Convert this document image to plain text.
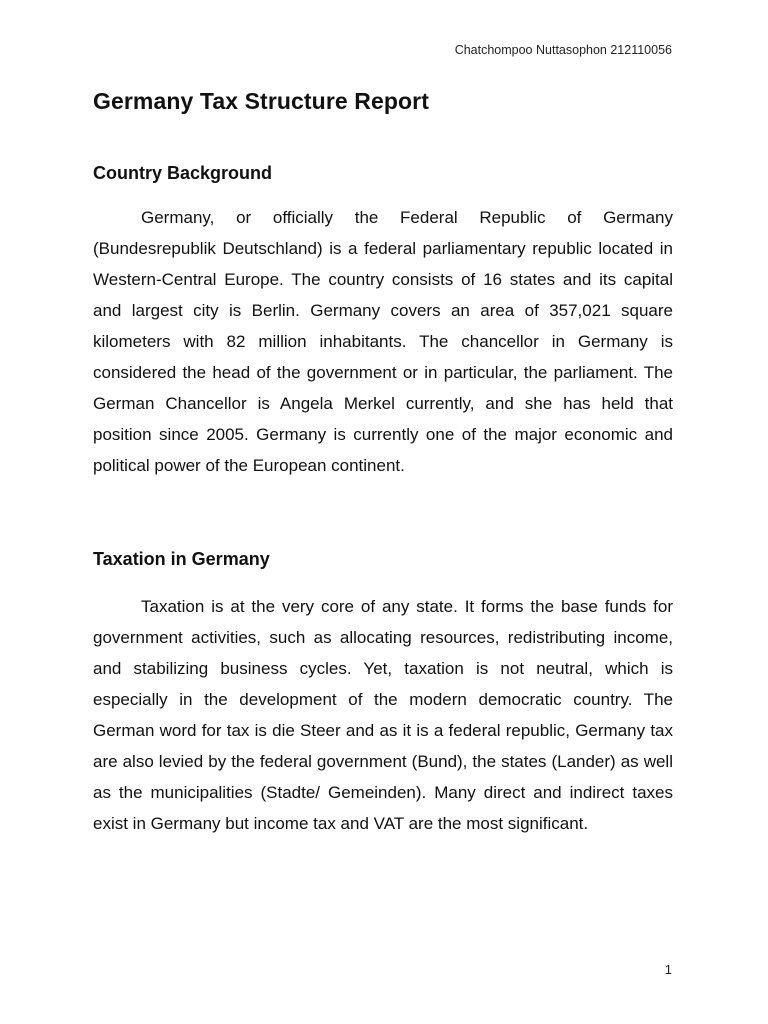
Chatchompoo Nuttasophon 212110056
Germany Tax Structure Report
Country Background

Germany, or officially the Federal Republic of Germany (Bundesrepublik Deutschland) is a federal parliamentary republic located in Western-Central Europe. The country consists of 16 states and its capital and largest city is Berlin. Germany covers an area of 357,021 square kilometers with 82 million inhabitants. The chancellor in Germany is considered the head of the government or in particular, the parliament. The German Chancellor is Angela Merkel currently, and she has held that position since 2005. Germany is currently one of the major economic and political power of the European continent.

Taxation in Germany

Taxation is at the very core of any state. It forms the base funds for government activities, such as allocating resources, redistributing income, and stabilizing business cycles. Yet, taxation is not neutral, which is especially in the development of the modern democratic country. The German word for tax is die Steer and as it is a federal republic, Germany tax are also levied by the federal government (Bund), the states (Lander) as well as the municipalities (Stadte/ Gemeinden). Many direct and indirect taxes exist in Germany but income tax and VAT are the most significant.

1
